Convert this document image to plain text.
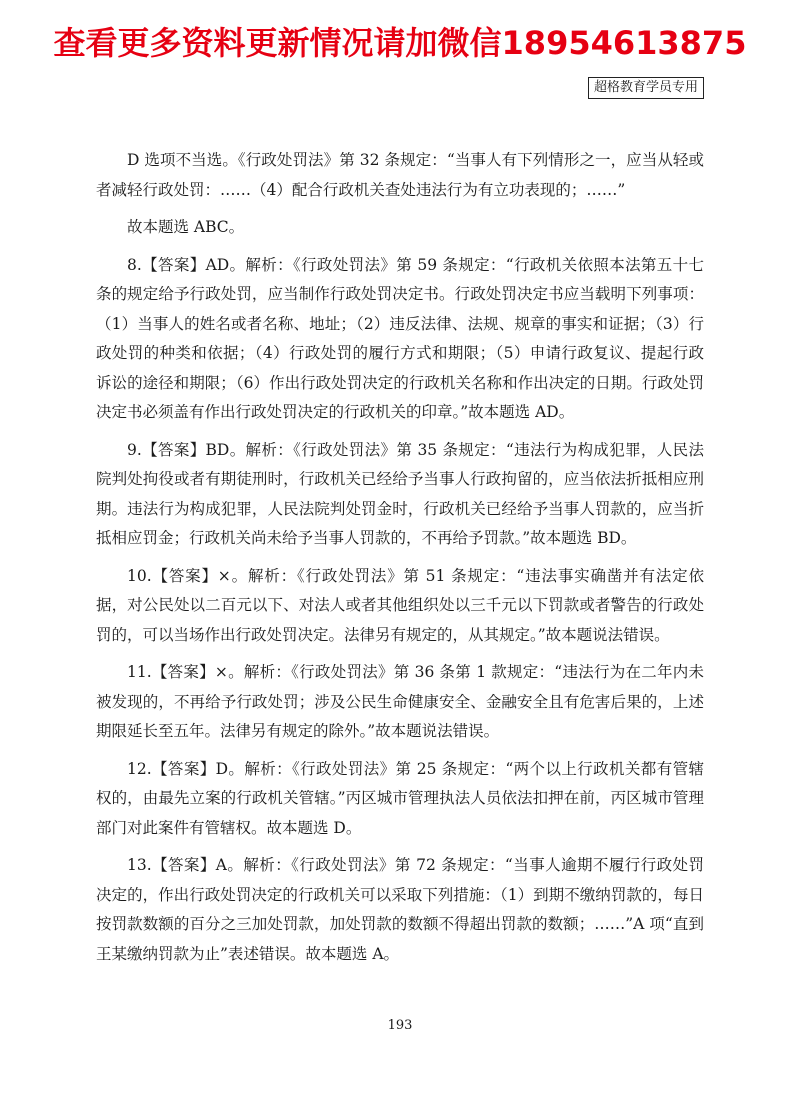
查看更多资料更新情况请加微信18954613875
超格教育学员专用

D 选项不当选。《行政处罚法》第 32 条规定：“当事人有下列情形之一，应当从轻或者减轻行政处罚：……（4）配合行政机关查处违法行为有立功表现的；……”

故本题选 ABC。

8.【答案】AD。解析：《行政处罚法》第 59 条规定：“行政机关依照本法第五十七条的规定给予行政处罚，应当制作行政处罚决定书。行政处罚决定书应当载明下列事项：（1）当事人的姓名或者名称、地址；（2）违反法律、法规、规章的事实和证据；（3）行政处罚的种类和依据；（4）行政处罚的履行方式和期限；（5）申请行政复议、提起行政诉讼的途径和期限；（6）作出行政处罚决定的行政机关名称和作出决定的日期。行政处罚决定书必须盖有作出行政处罚决定的行政机关的印章。”故本题选 AD。

9.【答案】BD。解析：《行政处罚法》第 35 条规定：“违法行为构成犯罪，人民法院判处拘役或者有期徒刑时，行政机关已经给予当事人行政拘留的，应当依法折抵相应刑期。违法行为构成犯罪，人民法院判处罚金时，行政机关已经给予当事人罚款的，应当折抵相应罚金；行政机关尚未给予当事人罚款的，不再给予罚款。”故本题选 BD。

10.【答案】×。解析：《行政处罚法》第 51 条规定：“违法事实确凿并有法定依据，对公民处以二百元以下、对法人或者其他组织处以三千元以下罚款或者警告的行政处罚的，可以当场作出行政处罚决定。法律另有规定的，从其规定。”故本题说法错误。

11.【答案】×。解析：《行政处罚法》第 36 条第 1 款规定：“违法行为在二年内未被发现的，不再给予行政处罚；涉及公民生命健康安全、金融安全且有危害后果的，上述期限延长至五年。法律另有规定的除外。”故本题说法错误。

12.【答案】D。解析：《行政处罚法》第 25 条规定：“两个以上行政机关都有管辖权的，由最先立案的行政机关管辖。”丙区城市管理执法人员依法扣押在前，丙区城市管理部门对此案件有管辖权。故本题选 D。

13.【答案】A。解析：《行政处罚法》第 72 条规定：“当事人逾期不履行行政处罚决定的，作出行政处罚决定的行政机关可以采取下列措施：（1）到期不缴纳罚款的，每日按罚款数额的百分之三加处罚款，加处罚款的数额不得超出罚款的数额；……”A 项“直到王某缴纳罚款为止”表述错误。故本题选 A。

193
